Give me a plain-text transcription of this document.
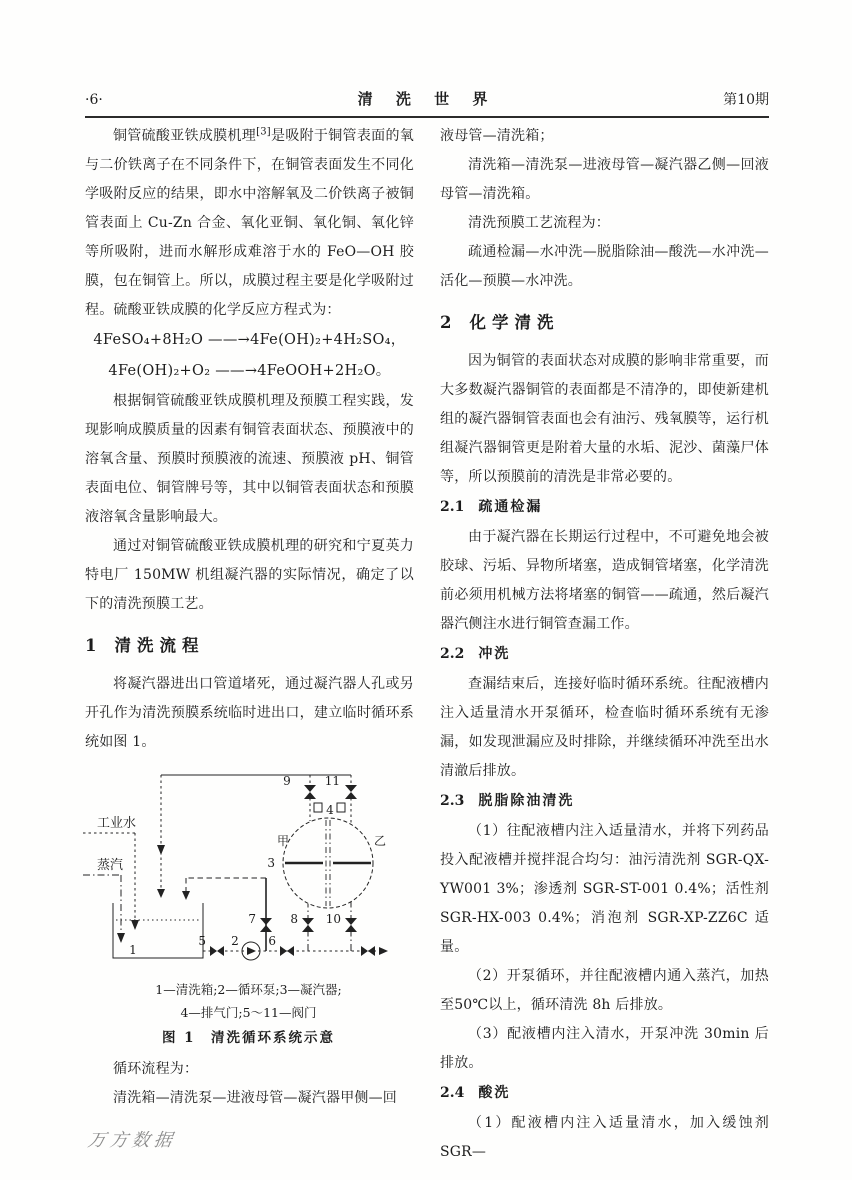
·6·	清 洗 世 界	第10期

铜管硫酸亚铁成膜机理[3]是吸附于铜管表面的氧与二价铁离子在不同条件下，在铜管表面发生不同化学吸附反应的结果，即水中溶解氧及二价铁离子被铜管表面上 Cu-Zn 合金、氧化亚铜、氧化铜、氧化锌等所吸附，进而水解形成难溶于水的 FeO—OH 胶膜，包在铜管上。所以，成膜过程主要是化学吸附过程。硫酸亚铁成膜的化学反应方程式为：

4FeSO₄+8H₂O ——→4Fe(OH)₂+4H₂SO₄，
4Fe(OH)₂+O₂ ——→4FeOOH+2H₂O。

根据铜管硫酸亚铁成膜机理及预膜工程实践，发现影响成膜质量的因素有铜管表面状态、预膜液中的溶氧含量、预膜时预膜液的流速、预膜液 pH、铜管表面电位、铜管牌号等，其中以铜管表面状态和预膜液溶氧含量影响最大。

通过对铜管硫酸亚铁成膜机理的研究和宁夏英力特电厂 150MW 机组凝汽器的实际情况，确定了以下的清洗预膜工艺。

1 清洗流程

将凝汽器进出口管道堵死，通过凝汽器人孔或另开孔作为清洗预膜系统临时进出口，建立临时循环系统如图 1。

工业水
蒸汽
1
2
3
4
5	6
7	8
9
10
11
甲	乙

1—清洗箱;2—循环泵;3—凝汽器;

4—排气门;5～11—阀门

图 1　清洗循环系统示意

循环流程为：

清洗箱—清洗泵—进液母管—凝汽器甲侧—回

液母管—清洗箱；

清洗箱—清洗泵—进液母管—凝汽器乙侧—回液母管—清洗箱。

清洗预膜工艺流程为：

疏通检漏—水冲洗—脱脂除油—酸洗—水冲洗—活化—预膜—水冲洗。

2 化学清洗

因为铜管的表面状态对成膜的影响非常重要，而大多数凝汽器铜管的表面都是不清净的，即使新建机组的凝汽器铜管表面也会有油污、残氧膜等，运行机组凝汽器铜管更是附着大量的水垢、泥沙、菌藻尸体等，所以预膜前的清洗是非常必要的。

2.1 疏通检漏

由于凝汽器在长期运行过程中，不可避免地会被胶球、污垢、异物所堵塞，造成铜管堵塞，化学清洗前必须用机械方法将堵塞的铜管——疏通，然后凝汽器汽侧注水进行铜管查漏工作。

2.2 冲洗

查漏结束后，连接好临时循环系统。往配液槽内注入适量清水开泵循环，检查临时循环系统有无渗漏，如发现泄漏应及时排除，并继续循环冲洗至出水清澈后排放。

2.3 脱脂除油清洗

（1）往配液槽内注入适量清水，并将下列药品投入配液槽并搅拌混合均匀：油污清洗剂 SGR-QX-YW001 3%；渗透剂 SGR-ST-001 0.4%；活性剂 SGR-HX-003 0.4%；消泡剂 SGR-XP-ZZ6C 适量。

（2）开泵循环，并往配液槽内通入蒸汽，加热至50℃以上，循环清洗 8h 后排放。

（3）配液槽内注入清水，开泵冲洗 30min 后排放。

2.4 酸洗

（1）配液槽内注入适量清水，加入缓蚀剂 SGR—

万方数据
